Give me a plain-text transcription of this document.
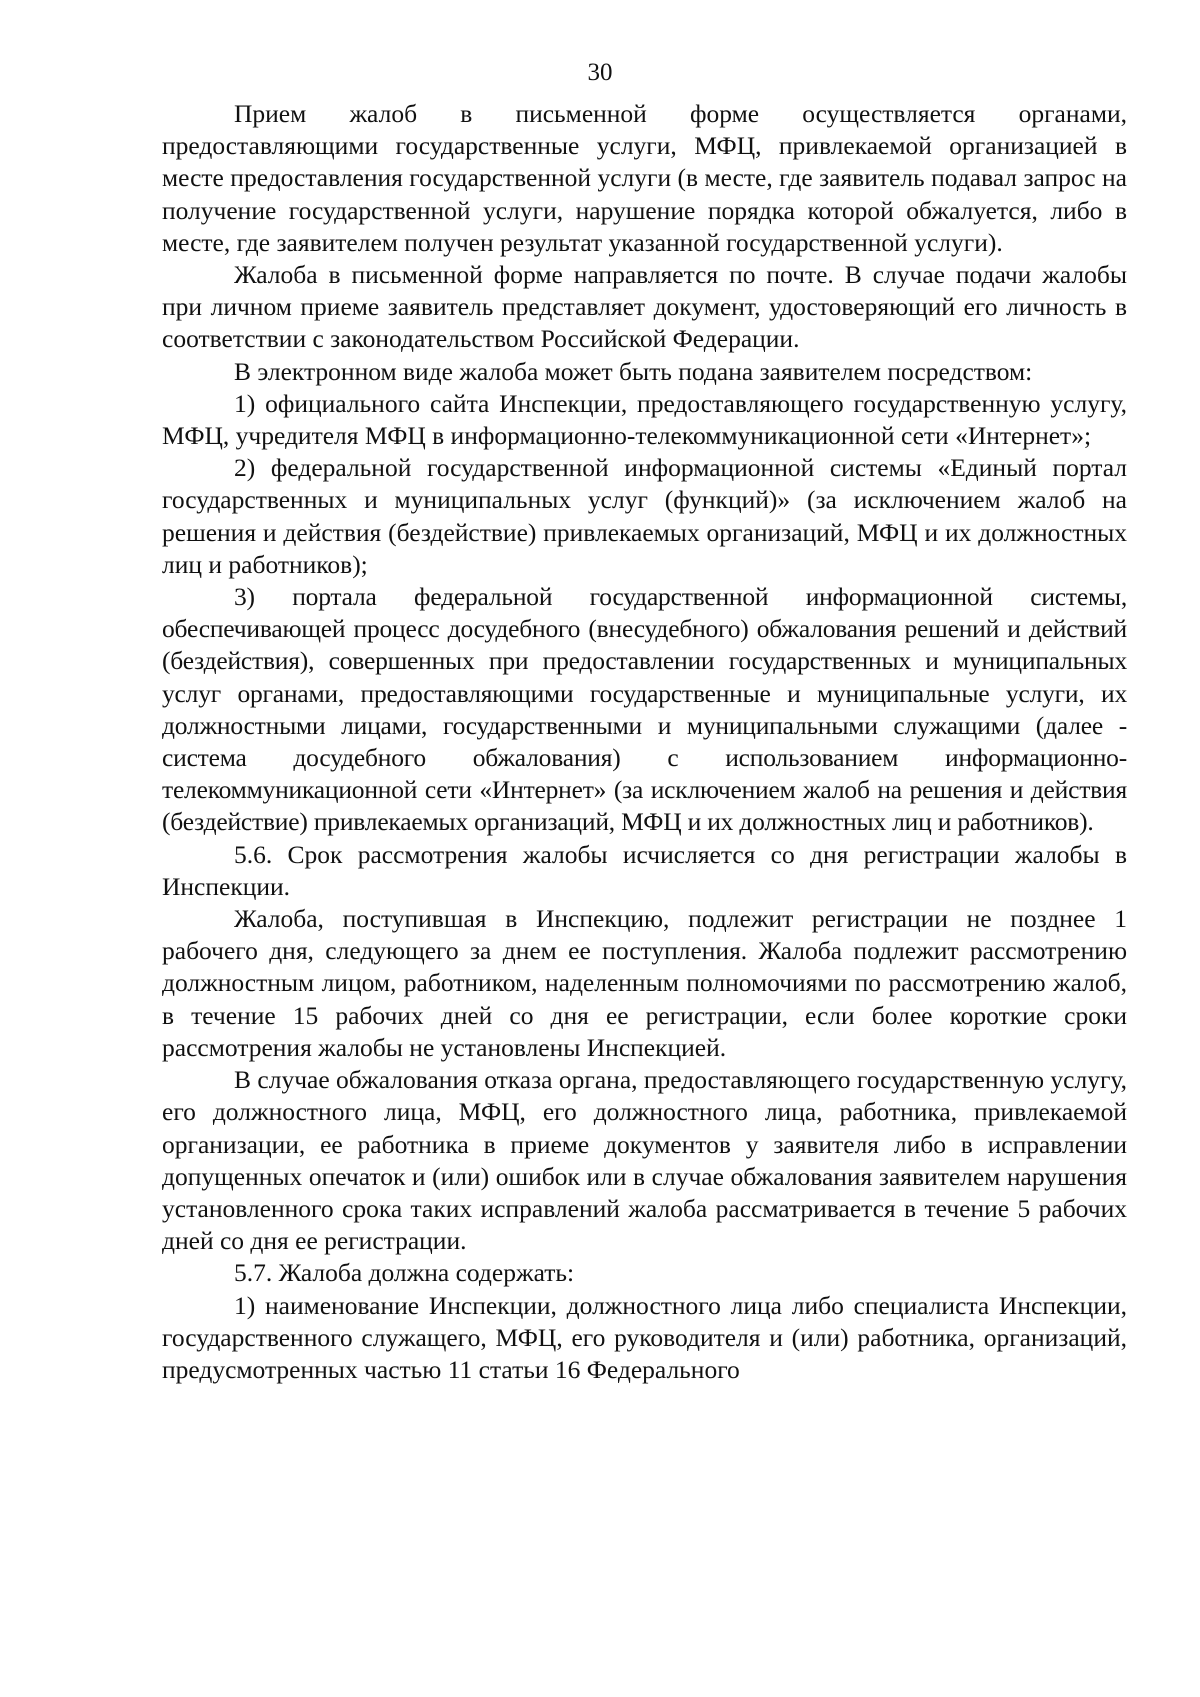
30

Прием жалоб в письменной форме осуществляется органами, предоставляющими государственные услуги, МФЦ, привлекаемой организацией в месте предоставления государственной услуги (в месте, где заявитель подавал запрос на получение государственной услуги, нарушение порядка которой обжалуется, либо в месте, где заявителем получен результат указанной государственной услуги).

Жалоба в письменной форме направляется по почте. В случае подачи жалобы при личном приеме заявитель представляет документ, удостоверяющий его личность в соответствии с законодательством Российской Федерации.

В электронном виде жалоба может быть подана заявителем посредством:

1) официального сайта Инспекции, предоставляющего государственную услугу, МФЦ, учредителя МФЦ в информационно-телекоммуникационной сети «Интернет»;

2) федеральной государственной информационной системы «Единый портал государственных и муниципальных услуг (функций)» (за исключением жалоб на решения и действия (бездействие) привлекаемых организаций, МФЦ и их должностных лиц и работников);

3) портала федеральной государственной информационной системы, обеспечивающей процесс досудебного (внесудебного) обжалования решений и действий (бездействия), совершенных при предоставлении государственных и муниципальных услуг органами, предоставляющими государственные и муниципальные услуги, их должностными лицами, государственными и муниципальными служащими (далее - система досудебного обжалования) с использованием информационно-телекоммуникационной сети «Интернет» (за исключением жалоб на решения и действия (бездействие) привлекаемых организаций, МФЦ и их должностных лиц и работников).

5.6. Срок рассмотрения жалобы исчисляется со дня регистрации жалобы в Инспекции.

Жалоба, поступившая в Инспекцию, подлежит регистрации не позднее 1 рабочего дня, следующего за днем ее поступления. Жалоба подлежит рассмотрению должностным лицом, работником, наделенным полномочиями по рассмотрению жалоб, в течение 15 рабочих дней со дня ее регистрации, если более короткие сроки рассмотрения жалобы не установлены Инспекцией.

В случае обжалования отказа органа, предоставляющего государственную услугу, его должностного лица, МФЦ, его должностного лица, работника, привлекаемой организации, ее работника в приеме документов у заявителя либо в исправлении допущенных опечаток и (или) ошибок или в случае обжалования заявителем нарушения установленного срока таких исправлений жалоба рассматривается в течение 5 рабочих дней со дня ее регистрации.

5.7. Жалоба должна содержать:

1) наименование Инспекции, должностного лица либо специалиста Инспекции, государственного служащего, МФЦ, его руководителя и (или) работника, организаций, предусмотренных частью 11 статьи 16 Федерального
